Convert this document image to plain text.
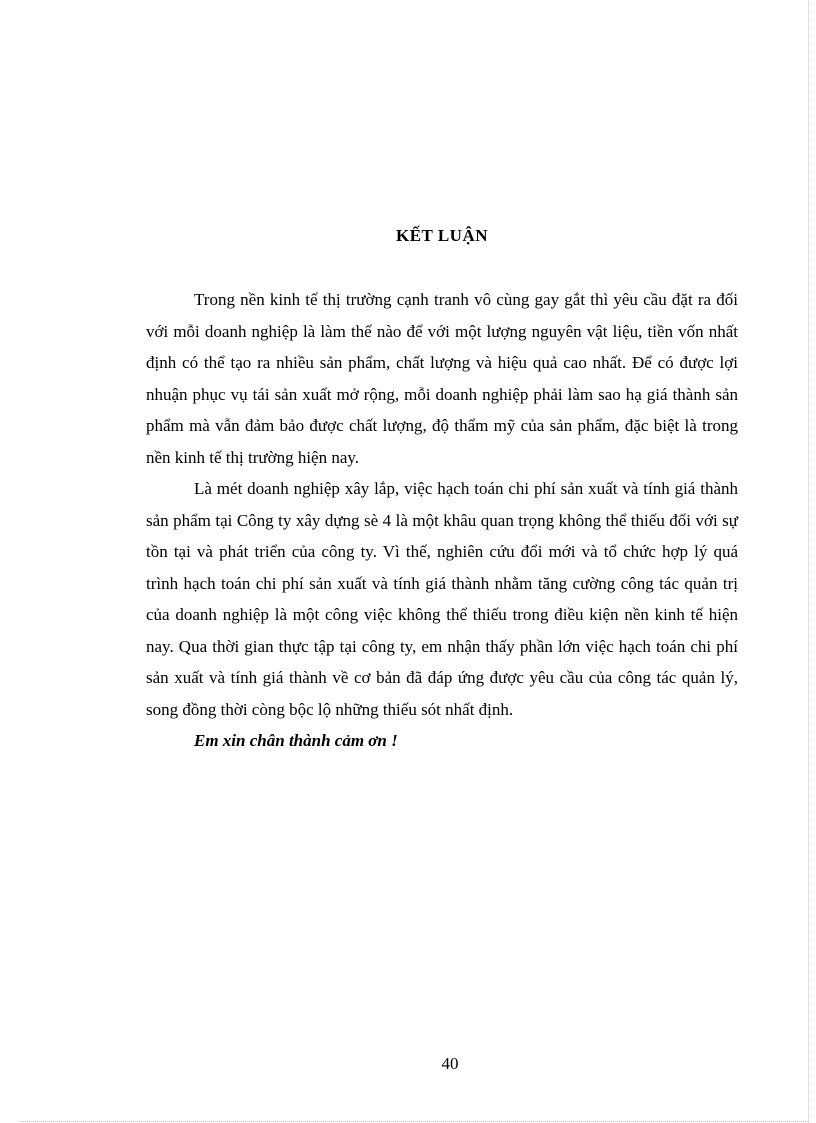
KẾT LUẬN

Trong nền kinh tế thị trường cạnh tranh vô cùng gay gắt thì yêu cầu đặt ra đối với mỗi doanh nghiệp là làm thế nào để với một lượng nguyên vật liệu, tiền vốn nhất định có thể tạo ra nhiều sản phẩm, chất lượng và hiệu quả cao nhất. Để có được lợi nhuận phục vụ tái sản xuất mở rộng, mỗi doanh nghiệp phải làm sao hạ giá thành sản phẩm mà vẫn đảm bảo được chất lượng, độ thẩm mỹ của sản phẩm, đặc biệt là trong nền kinh tế thị trường hiện nay.

Là mét doanh nghiệp xây lắp, việc hạch toán chi phí sản xuất và tính giá thành sản phẩm tại Công ty xây dựng sè 4 là một khâu quan trọng không thể thiếu đối với sự tồn tại và phát triển của công ty. Vì thế, nghiên cứu đổi mới và tổ chức hợp lý quá trình hạch toán chi phí sản xuất và tính giá thành nhằm tăng cường công tác quản trị của doanh nghiệp là một công việc không thể thiếu trong điều kiện nền kinh tế hiện nay. Qua thời gian thực tập tại công ty, em nhận thấy phần lớn việc hạch toán chi phí sản xuất và tính giá thành về cơ bản đã đáp ứng được yêu cầu của công tác quản lý, song đồng thời còng bộc lộ những thiếu sót nhất định.

Em xin chân thành cảm ơn !

40
